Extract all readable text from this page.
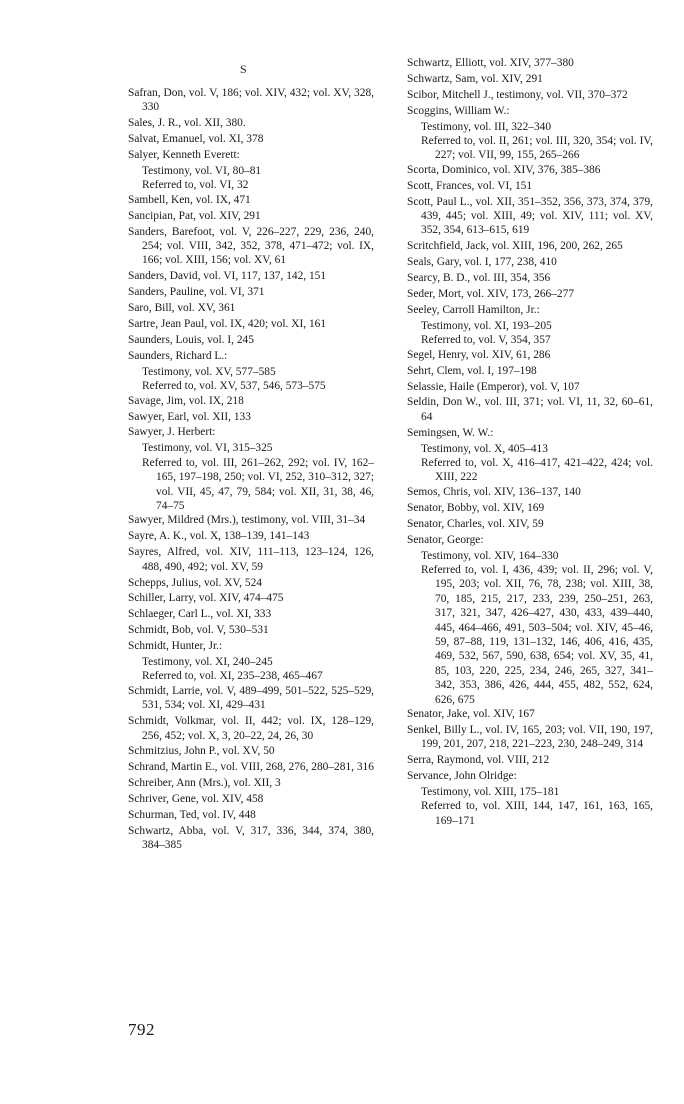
S
Safran, Don, vol. V, 186; vol. XIV, 432; vol. XV, 328, 330
Sales, J. R., vol. XII, 380.
Salvat, Emanuel, vol. XI, 378
Salyer, Kenneth Everett:
Testimony, vol. VI, 80–81
Referred to, vol. VI, 32
Sambell, Ken, vol. IX, 471
Sancipian, Pat, vol. XIV, 291
Sanders, Barefoot, vol. V, 226–227, 229, 236, 240, 254; vol. VIII, 342, 352, 378, 471–472; vol. IX, 166; vol. XIII, 156; vol. XV, 61
Sanders, David, vol. VI, 117, 137, 142, 151
Sanders, Pauline, vol. VI, 371
Saro, Bill, vol. XV, 361
Sartre, Jean Paul, vol. IX, 420; vol. XI, 161
Saunders, Louis, vol. I, 245
Saunders, Richard L.:
Testimony, vol. XV, 577–585
Referred to, vol. XV, 537, 546, 573–575
Savage, Jim, vol. IX, 218
Sawyer, Earl, vol. XII, 133
Sawyer, J. Herbert:
Testimony, vol. VI, 315–325
Referred to, vol. III, 261–262, 292; vol. IV, 162–165, 197–198, 250; vol. VI, 252, 310–312, 327; vol. VII, 45, 47, 79, 584; vol. XII, 31, 38, 46, 74–75
Sawyer, Mildred (Mrs.), testimony, vol. VIII, 31–34
Sayre, A. K., vol. X, 138–139, 141–143
Sayres, Alfred, vol. XIV, 111–113, 123–124, 126, 488, 490, 492; vol. XV, 59
Schepps, Julius, vol. XV, 524
Schiller, Larry, vol. XIV, 474–475
Schlaeger, Carl L., vol. XI, 333
Schmidt, Bob, vol. V, 530–531
Schmidt, Hunter, Jr.:
Testimony, vol. XI, 240–245
Referred to, vol. XI, 235–238, 465–467
Schmidt, Larrie, vol. V, 489–499, 501–522, 525–529, 531, 534; vol. XI, 429–431
Schmidt, Volkmar, vol. II, 442; vol. IX, 128–129, 256, 452; vol. X, 3, 20–22, 24, 26, 30
Schmitzius, John P., vol. XV, 50
Schrand, Martin E., vol. VIII, 268, 276, 280–281, 316
Schreiber, Ann (Mrs.), vol. XII, 3
Schriver, Gene, vol. XIV, 458
Schurman, Ted, vol. IV, 448
Schwartz, Abba, vol. V, 317, 336, 344, 374, 380, 384–385
Schwartz, Elliott, vol. XIV, 377–380
Schwartz, Sam, vol. XIV, 291
Scibor, Mitchell J., testimony, vol. VII, 370–372
Scoggins, William W.:
Testimony, vol. III, 322–340
Referred to, vol. II, 261; vol. III, 320, 354; vol. IV, 227; vol. VII, 99, 155, 265–266
Scorta, Dominico, vol. XIV, 376, 385–386
Scott, Frances, vol. VI, 151
Scott, Paul L., vol. XII, 351–352, 356, 373, 374, 379, 439, 445; vol. XIII, 49; vol. XIV, 111; vol. XV, 352, 354, 613–615, 619
Scritchfield, Jack, vol. XIII, 196, 200, 262, 265
Seals, Gary, vol. I, 177, 238, 410
Searcy, B. D., vol. III, 354, 356
Seder, Mort, vol. XIV, 173, 266–277
Seeley, Carroll Hamilton, Jr.:
Testimony, vol. XI, 193–205
Referred to, vol. V, 354, 357
Segel, Henry, vol. XIV, 61, 286
Sehrt, Clem, vol. I, 197–198
Selassie, Haile (Emperor), vol. V, 107
Seldin, Don W., vol. III, 371; vol. VI, 11, 32, 60–61, 64
Semingsen, W. W.:
Testimony, vol. X, 405–413
Referred to, vol. X, 416–417, 421–422, 424; vol. XIII, 222
Semos, Chris, vol. XIV, 136–137, 140
Senator, Bobby, vol. XIV, 169
Senator, Charles, vol. XIV, 59
Senator, George:
Testimony, vol. XIV, 164–330
Referred to, vol. I, 436, 439; vol. II, 296; vol. V, 195, 203; vol. XII, 76, 78, 238; vol. XIII, 38, 70, 185, 215, 217, 233, 239, 250–251, 263, 317, 321, 347, 426–427, 430, 433, 439–440, 445, 464–466, 491, 503–504; vol. XIV, 45–46, 59, 87–88, 119, 131–132, 146, 406, 416, 435, 469, 532, 567, 590, 638, 654; vol. XV, 35, 41, 85, 103, 220, 225, 234, 246, 265, 327, 341–342, 353, 386, 426, 444, 455, 482, 552, 624, 626, 675
Senator, Jake, vol. XIV, 167
Senkel, Billy L., vol. IV, 165, 203; vol. VII, 190, 197, 199, 201, 207, 218, 221–223, 230, 248–249, 314
Serra, Raymond, vol. VIII, 212
Servance, John Olridge:
Testimony, vol. XIII, 175–181
Referred to, vol. XIII, 144, 147, 161, 163, 165, 169–171
792
